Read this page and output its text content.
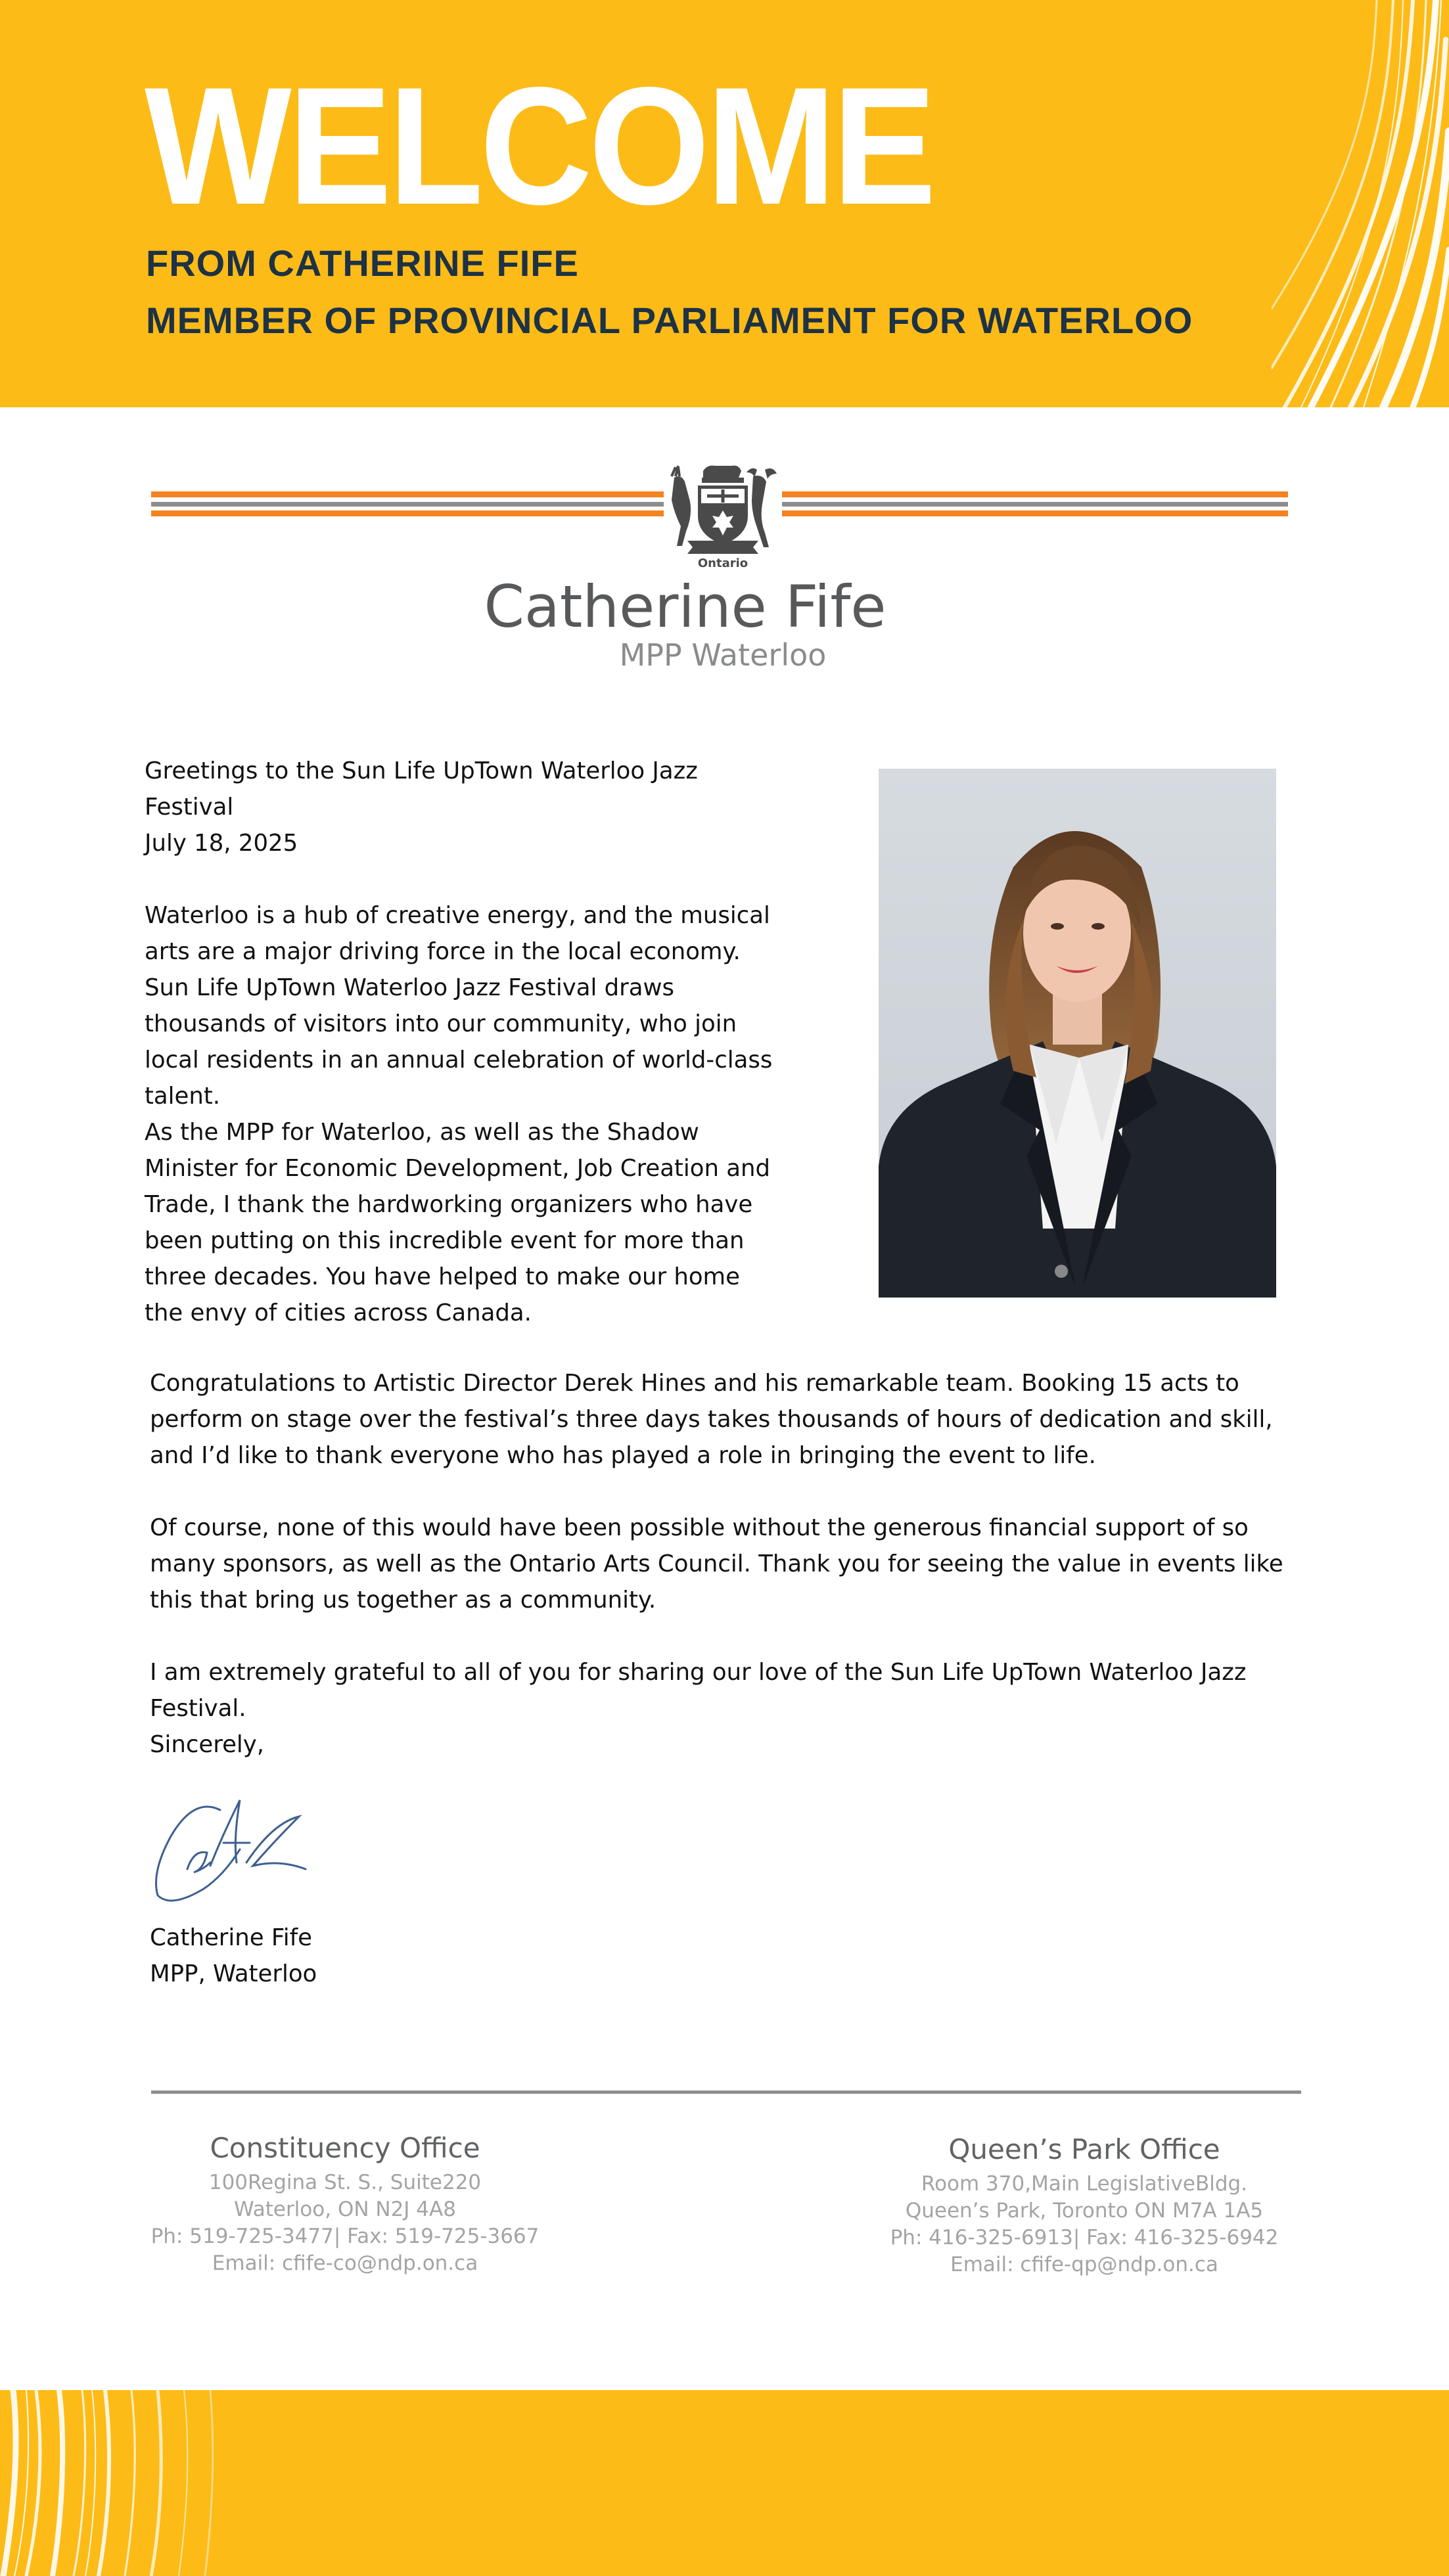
WELCOME
FROM CATHERINE FIFE
MEMBER OF PROVINCIAL PARLIAMENT FOR WATERLOO
Ontario
Catherine Fife
MPP Waterloo
Greetings to the Sun Life UpTown Waterloo Jazz Festival
July 18, 2025
Waterloo is a hub of creative energy, and the musical arts are a major driving force in the local economy. Sun Life UpTown Waterloo Jazz Festival draws thousands of visitors into our community, who join local residents in an annual celebration of world-class talent.
As the MPP for Waterloo, as well as the Shadow Minister for Economic Development, Job Creation and Trade, I thank the hardworking organizers who have been putting on this incredible event for more than three decades. You have helped to make our home the envy of cities across Canada.
Congratulations to Artistic Director Derek Hines and his remarkable team. Booking 15 acts to perform on stage over the festival’s three days takes thousands of hours of dedication and skill, and I’d like to thank everyone who has played a role in bringing the event to life.
Of course, none of this would have been possible without the generous financial support of so many sponsors, as well as the Ontario Arts Council. Thank you for seeing the value in events like this that bring us together as a community.
I am extremely grateful to all of you for sharing our love of the Sun Life UpTown Waterloo Jazz Festival.
Sincerely,
Catherine Fife
MPP, Waterloo
Constituency Office
100Regina St. S., Suite220
Waterloo, ON N2J 4A8
Ph: 519-725-3477| Fax: 519-725-3667
Email: cfife-co@ndp.on.ca
Queen’s Park Office
Room 370,Main LegislativeBldg.
Queen’s Park, Toronto ON M7A 1A5
Ph: 416-325-6913| Fax: 416-325-6942
Email: cfife-qp@ndp.on.ca
